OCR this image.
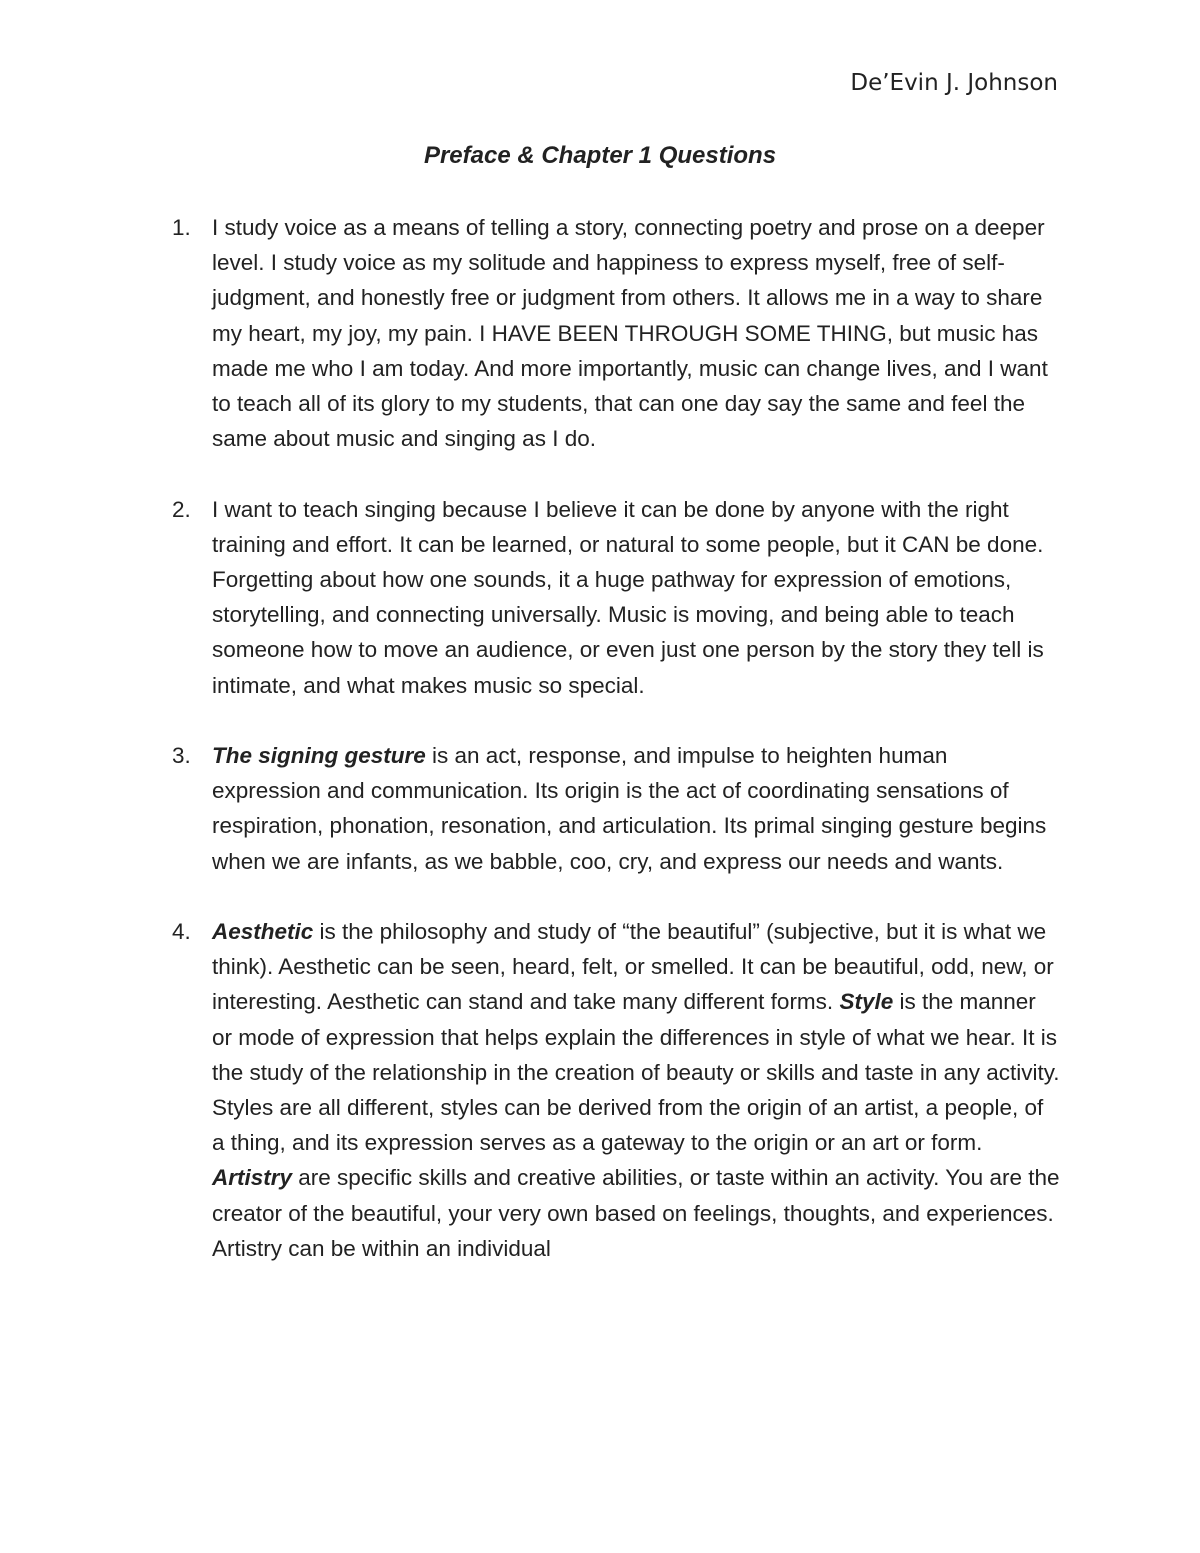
De’Evin J. Johnson
Preface & Chapter 1 Questions
1. I study voice as a means of telling a story, connecting poetry and prose on a deeper level. I study voice as my solitude and happiness to express myself, free of self-judgment, and honestly free or judgment from others. It allows me in a way to share my heart, my joy, my pain. I HAVE BEEN THROUGH SOME THING, but music has made me who I am today. And more importantly, music can change lives, and I want to teach all of its glory to my students, that can one day say the same and feel the same about music and singing as I do.
2. I want to teach singing because I believe it can be done by anyone with the right training and effort. It can be learned, or natural to some people, but it CAN be done. Forgetting about how one sounds, it a huge pathway for expression of emotions, storytelling, and connecting universally. Music is moving, and being able to teach someone how to move an audience, or even just one person by the story they tell is intimate, and what makes music so special.
3. The signing gesture is an act, response, and impulse to heighten human expression and communication. Its origin is the act of coordinating sensations of respiration, phonation, resonation, and articulation. Its primal singing gesture begins when we are infants, as we babble, coo, cry, and express our needs and wants.
4. Aesthetic is the philosophy and study of “the beautiful” (subjective, but it is what we think). Aesthetic can be seen, heard, felt, or smelled. It can be beautiful, odd, new, or interesting. Aesthetic can stand and take many different forms. Style is the manner or mode of expression that helps explain the differences in style of what we hear. It is the study of the relationship in the creation of beauty or skills and taste in any activity. Styles are all different, styles can be derived from the origin of an artist, a people, of a thing, and its expression serves as a gateway to the origin or an art or form. Artistry are specific skills and creative abilities, or taste within an activity. You are the creator of the beautiful, your very own based on feelings, thoughts, and experiences. Artistry can be within an individual
